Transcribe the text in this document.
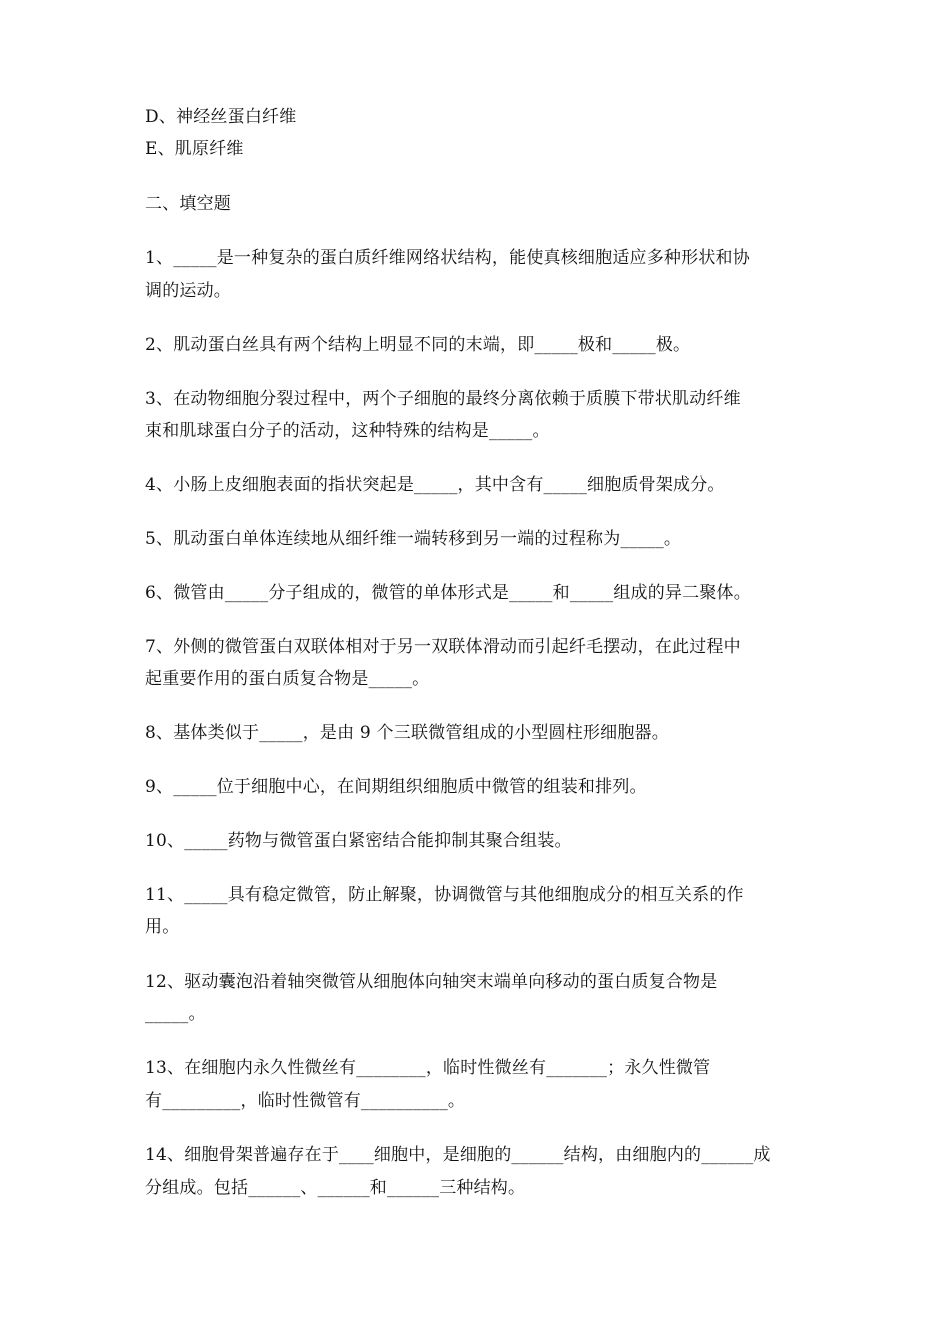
D、神经丝蛋白纤维
E、肌原纤维
二、填空题
1、_____是一种复杂的蛋白质纤维网络状结构，能使真核细胞适应多种形状和协
调的运动。
2、肌动蛋白丝具有两个结构上明显不同的末端，即_____极和_____极。
3、在动物细胞分裂过程中，两个子细胞的最终分离依赖于质膜下带状肌动纤维
束和肌球蛋白分子的活动，这种特殊的结构是_____。
4、小肠上皮细胞表面的指状突起是_____，其中含有_____细胞质骨架成分。
5、肌动蛋白单体连续地从细纤维一端转移到另一端的过程称为_____。
6、微管由_____分子组成的，微管的单体形式是_____和_____组成的异二聚体。
7、外侧的微管蛋白双联体相对于另一双联体滑动而引起纤毛摆动，在此过程中
起重要作用的蛋白质复合物是_____。
8、基体类似于_____，是由 9 个三联微管组成的小型圆柱形细胞器。
9、_____位于细胞中心，在间期组织细胞质中微管的组装和排列。
10、_____药物与微管蛋白紧密结合能抑制其聚合组装。
11、_____具有稳定微管，防止解聚，协调微管与其他细胞成分的相互关系的作
用。
12、驱动囊泡沿着轴突微管从细胞体向轴突末端单向移动的蛋白质复合物是
_____。
13、在细胞内永久性微丝有________，临时性微丝有_______；永久性微管
有_________，临时性微管有__________。
14、细胞骨架普遍存在于____细胞中，是细胞的______结构，由细胞内的______成
分组成。包括______、______和______三种结构。
